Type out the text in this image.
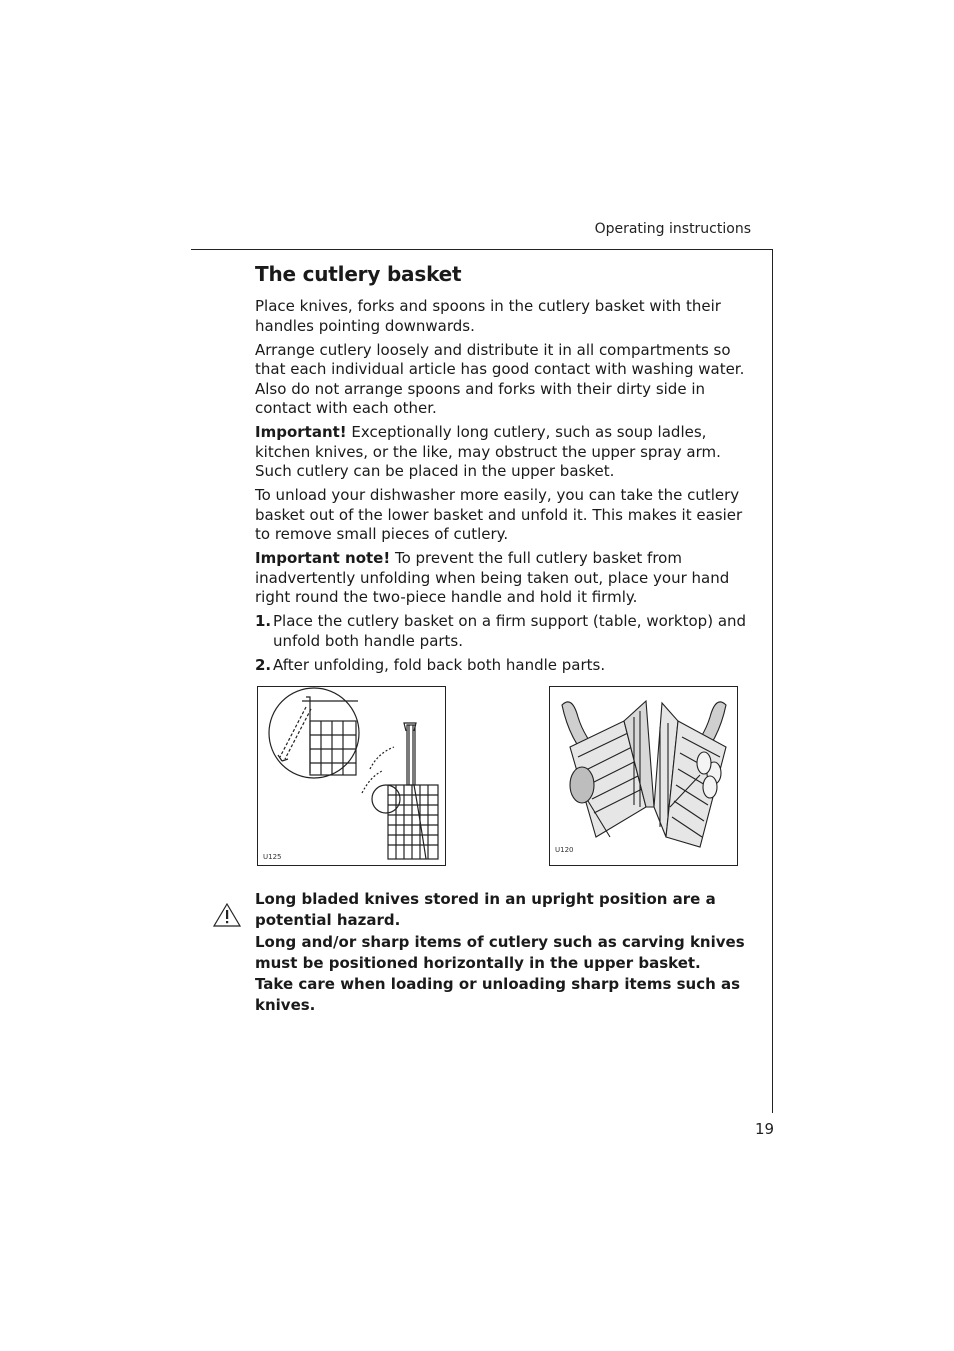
Operating instructions
The cutlery basket

Place knives, forks and spoons in the cutlery basket with their handles pointing downwards.

Arrange cutlery loosely and distribute it in all compartments so that each individual article has good contact with washing water. Also do not arrange spoons and forks with their dirty side in contact with each other.

Important! Exceptionally long cutlery, such as soup ladles, kitchen knives, or the like, may obstruct the upper spray arm. Such cutlery can be placed in the upper basket.

To unload your dishwasher more easily, you can take the cutlery basket out of the lower basket and unfold it. This makes it easier to remove small pieces of cutlery.

Important note! To prevent the full cutlery basket from inadvertently unfolding when being taken out, place your hand right round the two-piece handle and hold it firmly.

1. Place the cutlery basket on a firm support (table, worktop) and unfold both handle parts.
2. After unfolding, fold back both handle parts.
U125
U120

Long bladed knives stored in an upright position are a potential hazard.

Long and/or sharp items of cutlery such as carving knives must be positioned horizontally in the upper basket.

Take care when loading or unloading sharp items such as knives.

19
